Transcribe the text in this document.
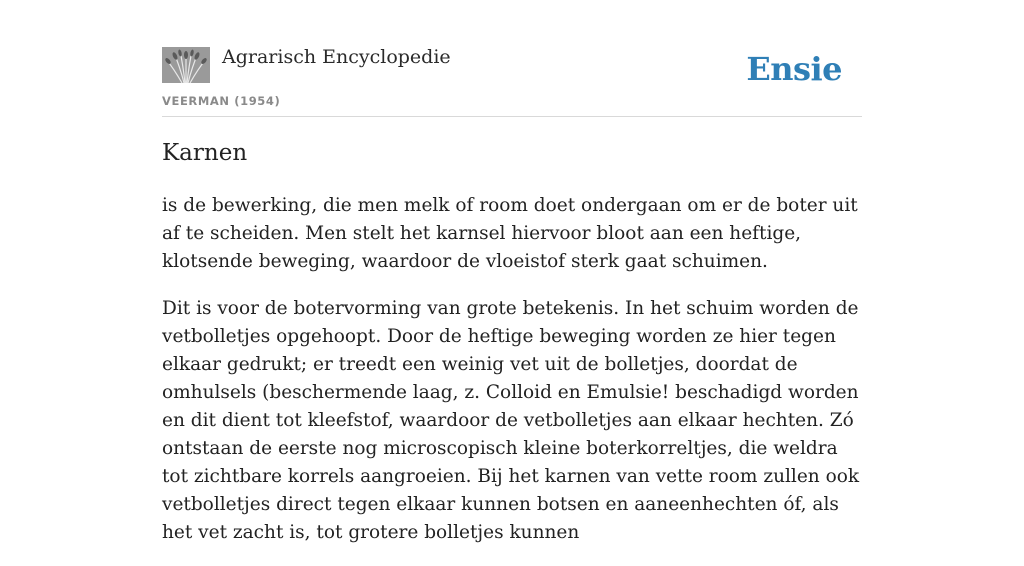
Agrarisch Encyclopedie	Ensie
VEERMAN (1954)
Karnen

is de bewerking, die men melk of room doet ondergaan om er de boter uit af te scheiden. Men stelt het karnsel hiervoor bloot aan een heftige, klotsende beweging, waardoor de vloeistof sterk gaat schuimen.

Dit is voor de botervorming van grote betekenis. In het schuim worden de vetbolletjes opgehoopt. Door de heftige beweging worden ze hier tegen elkaar gedrukt; er treedt een weinig vet uit de bolletjes, doordat de omhulsels (beschermende laag, z. Colloid en Emulsie! beschadigd worden en dit dient tot kleefstof, waardoor de vetbolletjes aan elkaar hechten. Zó ontstaan de eerste nog microscopisch kleine boterkorreltjes, die weldra tot zichtbare korrels aangroeien. Bij het karnen van vette room zullen ook vetbolletjes direct tegen elkaar kunnen botsen en aaneenhechten óf, als het vet zacht is, tot grotere bolletjes kunnen
